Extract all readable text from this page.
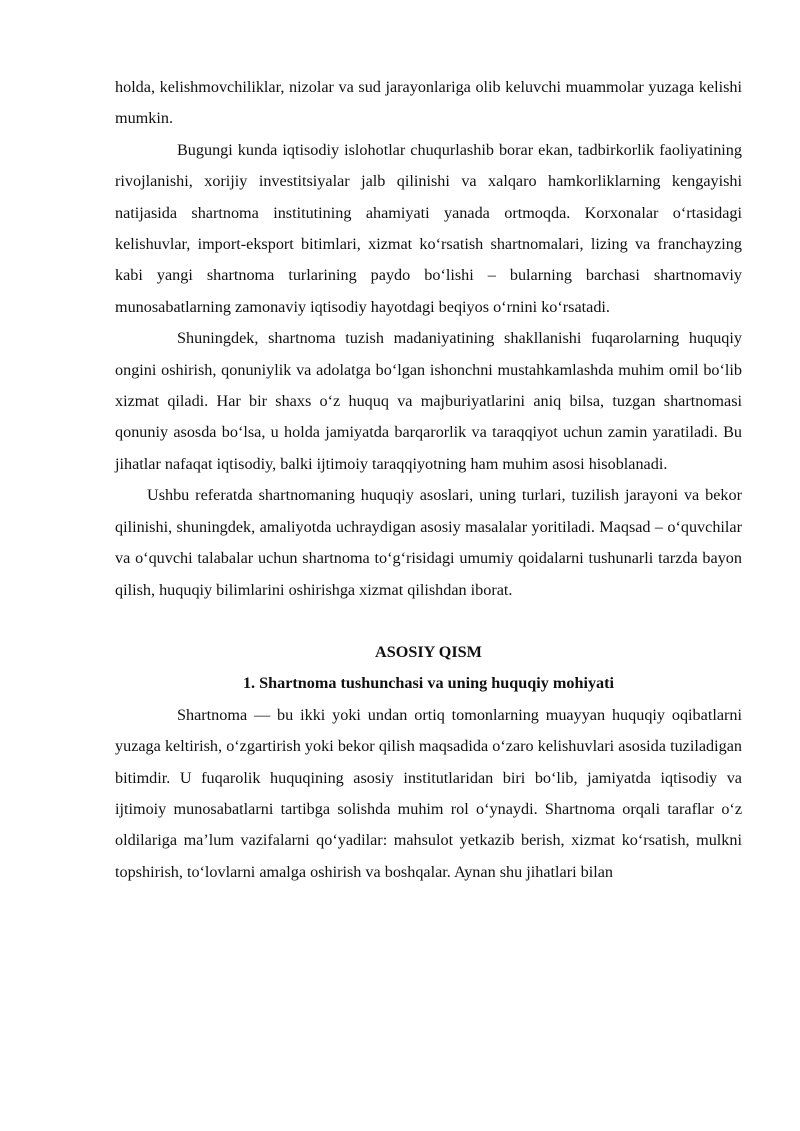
holda, kelishmovchiliklar, nizolar va sud jarayonlariga olib keluvchi muammolar yuzaga kelishi mumkin.

Bugungi kunda iqtisodiy islohotlar chuqurlashib borar ekan, tadbirkorlik faoliyatining rivojlanishi, xorijiy investitsiyalar jalb qilinishi va xalqaro hamkorliklarning kengayishi natijasida shartnoma institutining ahamiyati yanada ortmoqda. Korxonalar o‘rtasidagi kelishuvlar, import-eksport bitimlari, xizmat ko‘rsatish shartnomalari, lizing va franchayzing kabi yangi shartnoma turlarining paydo bo‘lishi – bularning barchasi shartnomaviy munosabatlarning zamonaviy iqtisodiy hayotdagi beqiyos o‘rnini ko‘rsatadi.

Shuningdek, shartnoma tuzish madaniyatining shakllanishi fuqarolarning huquqiy ongini oshirish, qonuniylik va adolatga bo‘lgan ishonchni mustahkamlashda muhim omil bo‘lib xizmat qiladi. Har bir shaxs o‘z huquq va majburiyatlarini aniq bilsa, tuzgan shartnomasi qonuniy asosda bo‘lsa, u holda jamiyatda barqarorlik va taraqqiyot uchun zamin yaratiladi. Bu jihatlar nafaqat iqtisodiy, balki ijtimoiy taraqqiyotning ham muhim asosi hisoblanadi.

Ushbu referatda shartnomaning huquqiy asoslari, uning turlari, tuzilish jarayoni va bekor qilinishi, shuningdek, amaliyotda uchraydigan asosiy masalalar yoritiladi. Maqsad – o‘quvchilar va o‘quvchi talabalar uchun shartnoma to‘g‘risidagi umumiy qoidalarni tushunarli tarzda bayon qilish, huquqiy bilimlarini oshirishga xizmat qilishdan iborat.

ASOSIY QISM

1. Shartnoma tushunchasi va uning huquqiy mohiyati

Shartnoma — bu ikki yoki undan ortiq tomonlarning muayyan huquqiy oqibatlarni yuzaga keltirish, o‘zgartirish yoki bekor qilish maqsadida o‘zaro kelishuvlari asosida tuziladigan bitimdir. U fuqarolik huquqining asosiy institutlaridan biri bo‘lib, jamiyatda iqtisodiy va ijtimoiy munosabatlarni tartibga solishda muhim rol o‘ynaydi. Shartnoma orqali taraflar o‘z oldilariga ma’lum vazifalarni qo‘yadilar: mahsulot yetkazib berish, xizmat ko‘rsatish, mulkni topshirish, to‘lovlarni amalga oshirish va boshqalar. Aynan shu jihatlari bilan
